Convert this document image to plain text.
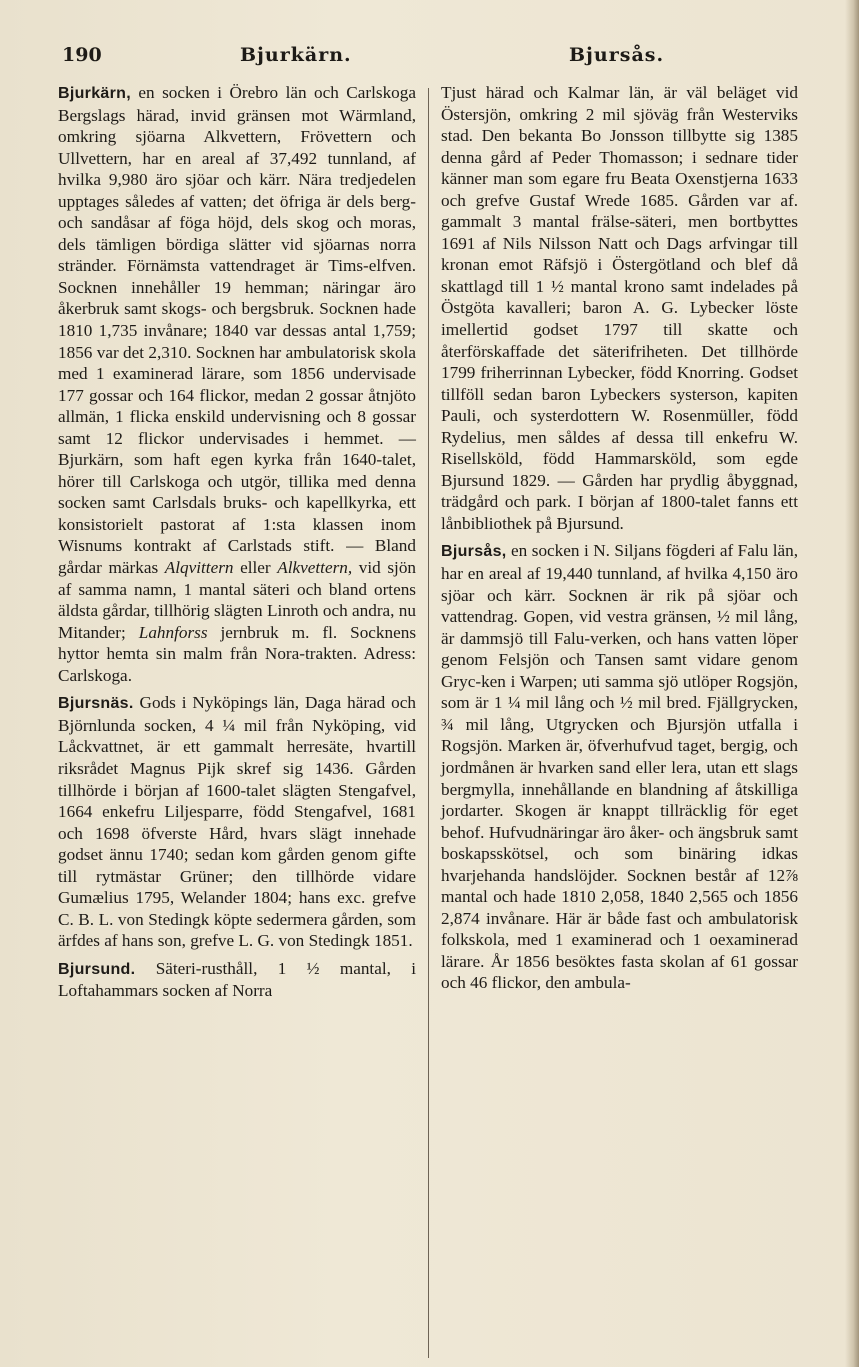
190	Bjurkärn.	Bjursås.

Bjurkärn, en socken i Örebro län och Carlskoga Bergslags härad, invid gränsen mot Wärmland, omkring sjöarna Alkvettern, Frövettern och Ullvettern, har en areal af 37,492 tunnland, af hvilka 9,980 äro sjöar och kärr. Nära tredjedelen upptages således af vatten; det öfriga är dels berg- och sandåsar af föga höjd, dels skog och moras, dels tämligen bördiga slätter vid sjöarnas norra stränder. Förnämsta vattendraget är Tims-elfven. Socknen innehåller 19 hemman; näringar äro åkerbruk samt skogs- och bergsbruk. Socknen hade 1810 1,735 invånare; 1840 var dessas antal 1,759; 1856 var det 2,310. Socknen har ambulatorisk skola med 1 examinerad lärare, som 1856 undervisade 177 gossar och 164 flickor, medan 2 gossar åtnjöto allmän, 1 flicka enskild undervisning och 8 gossar samt 12 flickor undervisades i hemmet. — Bjurkärn, som haft egen kyrka från 1640-talet, hörer till Carlskoga och utgör, tillika med denna socken samt Carlsdals bruks- och kapellkyrka, ett konsistorielt pastorat af 1:sta klassen inom Wisnums kontrakt af Carlstads stift. — Bland gårdar märkas Alqvittern eller Alkvettern, vid sjön af samma namn, 1 mantal säteri och bland ortens äldsta gårdar, tillhörig slägten Linroth och andra, nu Mitander; Lahnforss jernbruk m. fl. Socknens hyttor hemta sin malm från Nora-trakten. Adress: Carlskoga.

Bjursnäs. Gods i Nyköpings län, Daga härad och Björnlunda socken, 4 ¼ mil från Nyköping, vid Låckvattnet, är ett gammalt herresäte, hvartill riksrådet Magnus Pijk skref sig 1436. Gården tillhörde i början af 1600-talet slägten Stengafvel, 1664 enkefru Liljesparre, född Stengafvel, 1681 och 1698 öfverste Hård, hvars slägt innehade godset ännu 1740; sedan kom gården genom gifte till rytmästar Grüner; den tillhörde vidare Gumælius 1795, Welander 1804; hans exc. grefve C. B. L. von Stedingk köpte sedermera gården, som ärfdes af hans son, grefve L. G. von Stedingk 1851.

Bjursund. Säteri-rusthåll, 1 ½ mantal, i Loftahammars socken af Norra

Tjust härad och Kalmar län, är väl beläget vid Östersjön, omkring 2 mil sjöväg från Westerviks stad. Den bekanta Bo Jonsson tillbytte sig 1385 denna gård af Peder Thomasson; i sednare tider känner man som egare fru Beata Oxenstjerna 1633 och grefve Gustaf Wrede 1685. Gården var af. gammalt 3 mantal frälse-säteri, men bortbyttes 1691 af Nils Nilsson Natt och Dags arfvingar till kronan emot Räfsjö i Östergötland och blef då skattlagd till 1 ½ mantal krono samt indelades på Östgöta kavalleri; baron A. G. Lybecker löste imellertid godset 1797 till skatte och återförskaffade det säterifriheten. Det tillhörde 1799 friherrinnan Lybecker, född Knorring. Godset tillföll sedan baron Lybeckers systerson, kapiten Pauli, och systerdottern W. Rosenmüller, född Rydelius, men såldes af dessa till enkefru W. Risellsköld, född Hammarsköld, som egde Bjursund 1829. — Gården har prydlig åbyggnad, trädgård och park. I början af 1800-talet fanns ett lånbibliothek på Bjursund.

Bjursås, en socken i N. Siljans fögderi af Falu län, har en areal af 19,440 tunnland, af hvilka 4,150 äro sjöar och kärr. Socknen är rik på sjöar och vattendrag. Gopen, vid vestra gränsen, ½ mil lång, är dammsjö till Falu-verken, och hans vatten löper genom Felsjön och Tansen samt vidare genom Gryc-ken i Warpen; uti samma sjö utlöper Rogsjön, som är 1 ¼ mil lång och ½ mil bred. Fjällgrycken, ¾ mil lång, Utgrycken och Bjursjön utfalla i Rogsjön. Marken är, öfverhufvud taget, bergig, och jordmånen är hvarken sand eller lera, utan ett slags bergmylla, innehållande en blandning af åtskilliga jordarter. Skogen är knappt tillräcklig för eget behof. Hufvudnäringar äro åker- och ängsbruk samt boskapsskötsel, och som binäring idkas hvarjehanda handslöjder. Socknen består af 12⅞ mantal och hade 1810 2,058, 1840 2,565 och 1856 2,874 invånare. Här är både fast och ambulatorisk folkskola, med 1 examinerad och 1 oexaminerad lärare. År 1856 besöktes fasta skolan af 61 gossar och 46 flickor, den ambula-
